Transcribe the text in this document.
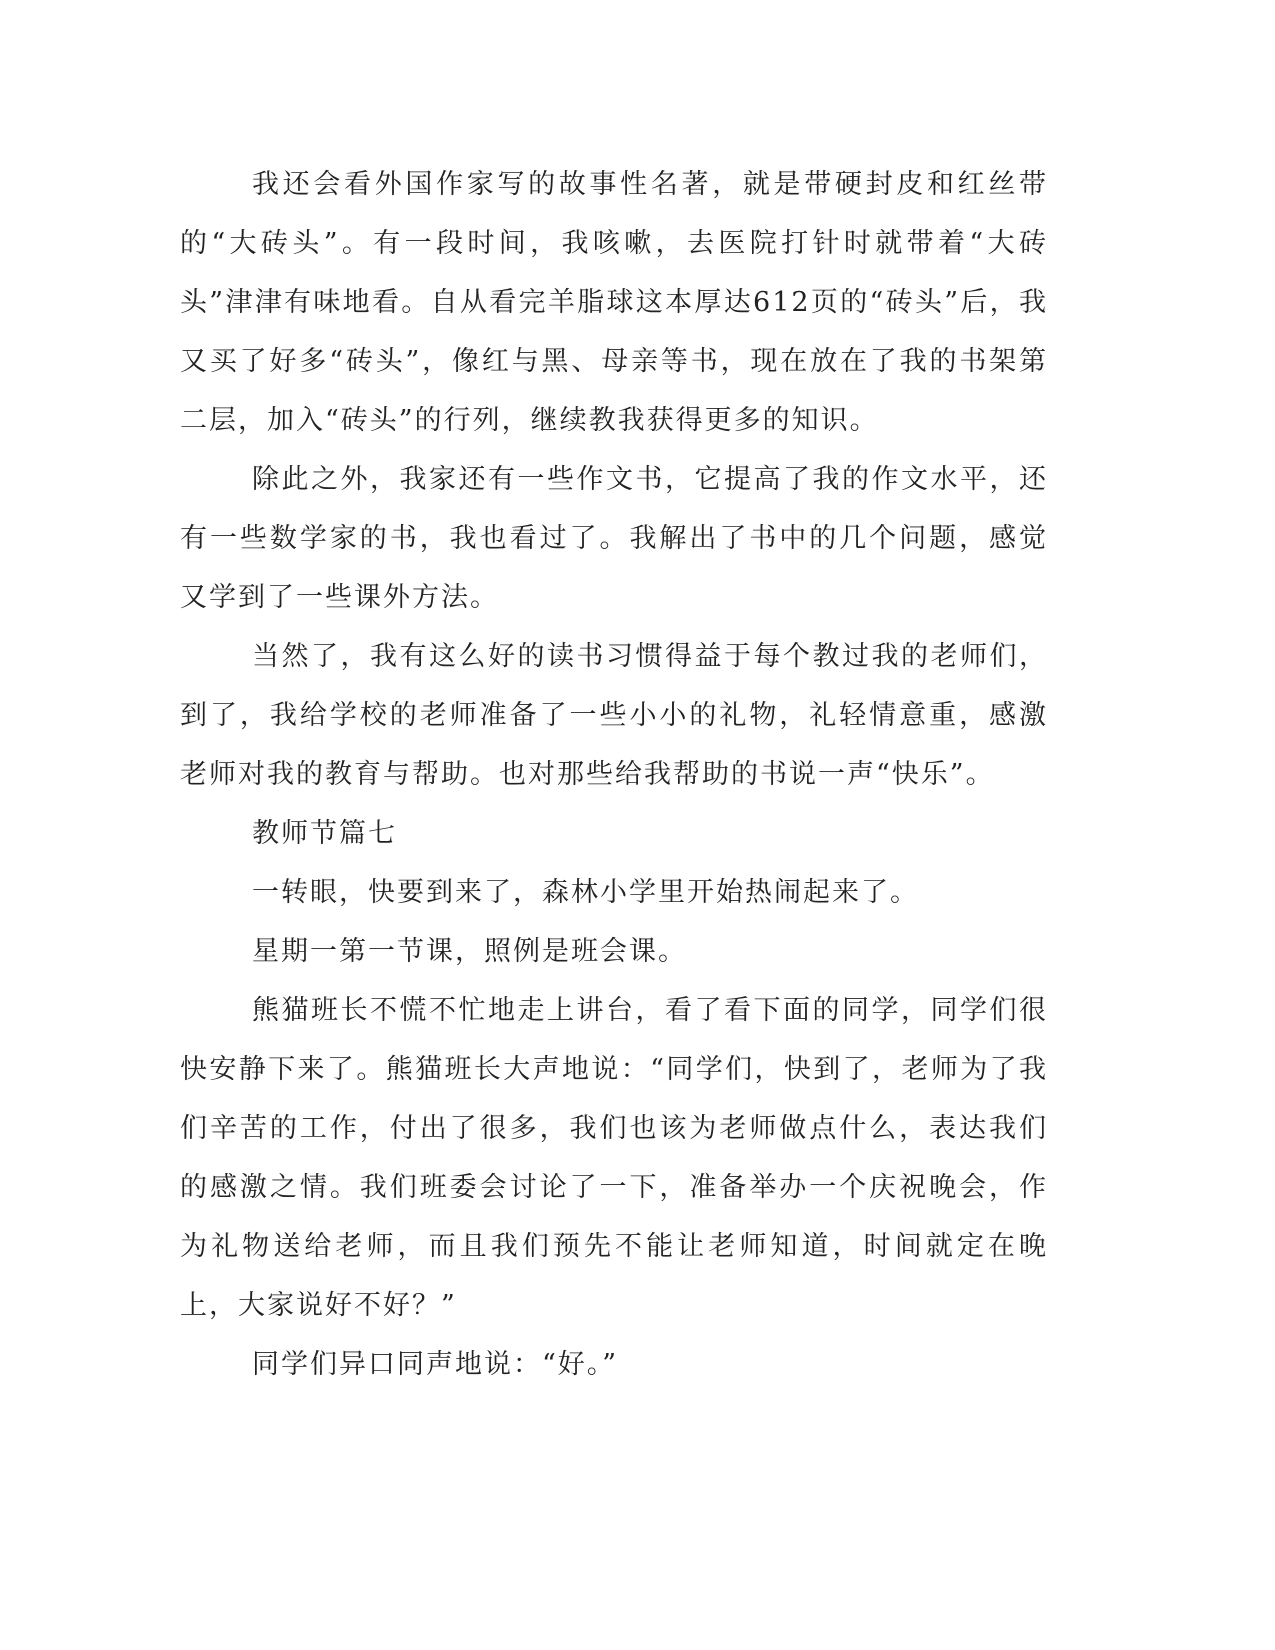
我还会看外国作家写的故事性名著，就是带硬封皮和红丝带的“大砖头”。有一段时间，我咳嗽，去医院打针时就带着“大砖头”津津有味地看。自从看完羊脂球这本厚达612页的“砖头”后，我又买了好多“砖头”，像红与黑、母亲等书，现在放在了我的书架第二层，加入“砖头”的行列，继续教我获得更多的知识。

除此之外，我家还有一些作文书，它提高了我的作文水平，还有一些数学家的书，我也看过了。我解出了书中的几个问题，感觉又学到了一些课外方法。

当然了，我有这么好的读书习惯得益于每个教过我的老师们，到了，我给学校的老师准备了一些小小的礼物，礼轻情意重，感激老师对我的教育与帮助。也对那些给我帮助的书说一声“快乐”。

教师节篇七

一转眼，快要到来了，森林小学里开始热闹起来了。

星期一第一节课，照例是班会课。

熊猫班长不慌不忙地走上讲台，看了看下面的同学，同学们很快安静下来了。熊猫班长大声地说：“同学们，快到了，老师为了我们辛苦的工作，付出了很多，我们也该为老师做点什么，表达我们的感激之情。我们班委会讨论了一下，准备举办一个庆祝晚会，作为礼物送给老师，而且我们预先不能让老师知道，时间就定在晚上，大家说好不好？”

同学们异口同声地说：“好。”
